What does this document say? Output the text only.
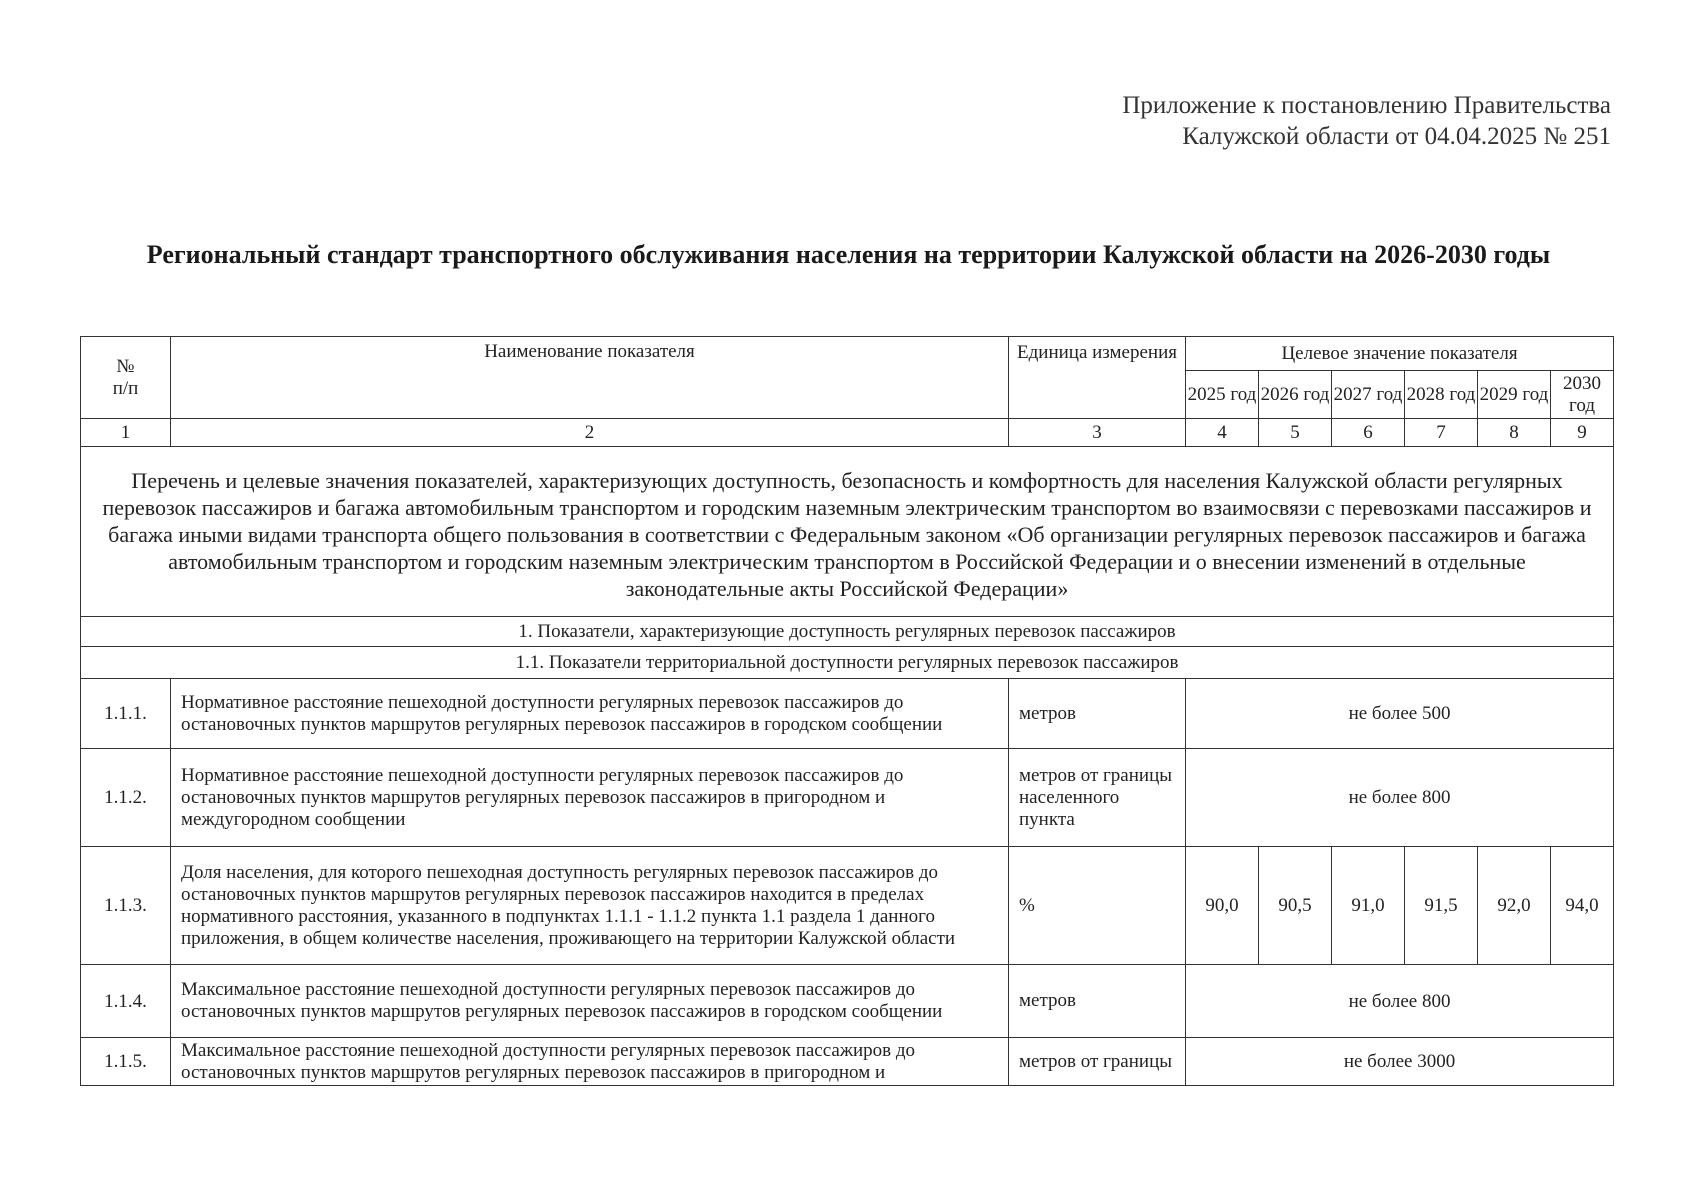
Приложение к постановлению Правительства
Калужской области от 04.04.2025 № 251
Региональный стандарт транспортного обслуживания населения на территории Калужской области на 2026-2030 годы
№
п/п	Наименование показателя	Единица измерения	Целевое значение показателя					
			2025 год	2026 год	2027 год	2028 год	2029 год	2030 год
1	2	3	4	5	6	7	8	9
Перечень и целевые значения показателей, характеризующих доступность, безопасность и комфортность для населения Калужской области регулярных перевозок пассажиров и багажа автомобильным транспортом и городским наземным электрическим транспортом во взаимосвязи с перевозками пассажиров и багажа иными видами транспорта общего пользования в соответствии с Федеральным законом «Об организации регулярных перевозок пассажиров и багажа автомобильным транспортом и городским наземным электрическим транспортом в Российской Федерации и о внесении изменений в отдельные законодательные акты Российской Федерации»								
1. Показатели, характеризующие доступность регулярных перевозок пассажиров								
1.1. Показатели территориальной доступности регулярных перевозок пассажиров								
1.1.1.	Нормативное расстояние пешеходной доступности регулярных перевозок пассажиров до остановочных пунктов маршрутов регулярных перевозок пассажиров в городском сообщении	метров	не более 500					
1.1.2.	Нормативное расстояние пешеходной доступности регулярных перевозок пассажиров до остановочных пунктов маршрутов регулярных перевозок пассажиров в пригородном и междугородном сообщении	метров от границы населенного пункта	не более 800					
1.1.3.	Доля населения, для которого пешеходная доступность регулярных перевозок пассажиров до остановочных пунктов маршрутов регулярных перевозок пассажиров находится в пределах нормативного расстояния, указанного в подпунктах 1.1.1 - 1.1.2 пункта 1.1 раздела 1 данного приложения, в общем количестве населения, проживающего на территории Калужской области	%	90,0	90,5	91,0	91,5	92,0	94,0
1.1.4.	Максимальное расстояние пешеходной доступности регулярных перевозок пассажиров до остановочных пунктов маршрутов регулярных перевозок пассажиров в городском сообщении	метров	не более 800					
1.1.5.	Максимальное расстояние пешеходной доступности регулярных перевозок пассажиров до остановочных пунктов маршрутов регулярных перевозок пассажиров в пригородном и	метров от границы	не более 3000					
